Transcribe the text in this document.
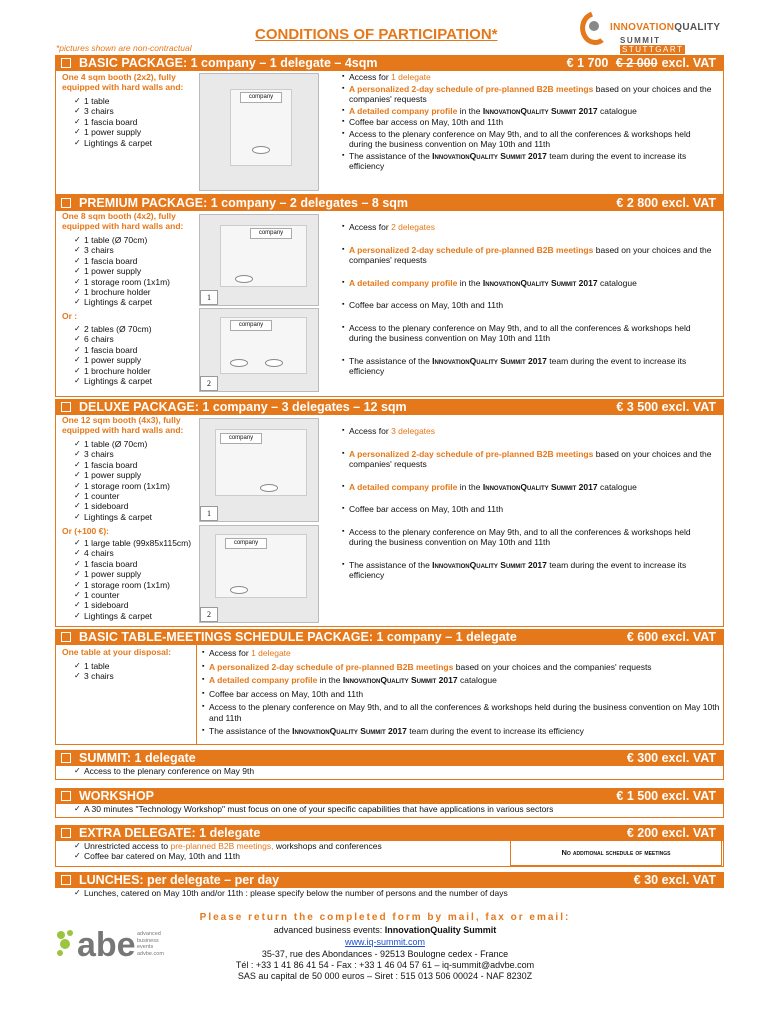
CONDITIONS OF PARTICIPATION*
*pictures shown are non-contractual
INNOVATIONQUALITY
SUMMIT STUTTGART
BASIC PACKAGE: 1 company – 1 delegate – 4sqm	€ 1 700 € 2 000 excl. VAT
One 4 sqm booth (2x2), fully equipped with hard walls and:
✓ 1 table
✓ 3 chairs
✓ 1 fascia board
✓ 1 power supply
✓ Lightings & carpet
company
▪ Access for 1 delegate
▪ A personalized 2-day schedule of pre-planned B2B meetings based on your choices and the companies' requests
▪ A detailed company profile in the InnovationQuality Summit 2017 catalogue
▪ Coffee bar access on May, 10th and 11th
▪ Access to the plenary conference on May 9th, and to all the conferences & workshops held during the business convention on May 10th and 11th
▪ The assistance of the InnovationQuality Summit 2017 team during the event to increase its efficiency
PREMIUM PACKAGE: 1 company – 2 delegates – 8 sqm	€ 2 800 excl. VAT
One 8 sqm booth (4x2), fully equipped with hard walls and:
✓ 1 table (Ø 70cm)
✓ 3 chairs
✓ 1 fascia board
✓ 1 power supply
✓ 1 storage room (1x1m)
✓ 1 brochure holder
✓ Lightings & carpet
Or :
✓ 2 tables (Ø 70cm)
✓ 6 chairs
✓ 1 fascia board
✓ 1 power supply
✓ 1 brochure holder
✓ Lightings & carpet
company
1
company
2
▪ Access for 2 delegates
▪ A personalized 2-day schedule of pre-planned B2B meetings based on your choices and the companies' requests
▪ A detailed company profile in the InnovationQuality Summit 2017 catalogue
▪ Coffee bar access on May, 10th and 11th
▪ Access to the plenary conference on May 9th, and to all the conferences & workshops held during the business convention on May 10th and 11th
▪ The assistance of the InnovationQuality Summit 2017 team during the event to increase its efficiency
DELUXE PACKAGE: 1 company – 3 delegates – 12 sqm	€ 3 500 excl. VAT
One 12 sqm booth (4x3), fully equipped with hard walls and:
✓ 1 table (Ø 70cm)
✓ 3 chairs
✓ 1 fascia board
✓ 1 power supply
✓ 1 storage room (1x1m)
✓ 1 counter
✓ 1 sideboard
✓ Lightings & carpet
Or (+100 €):
✓ 1 large table (99x85x115cm)
✓ 4 chairs
✓ 1 fascia board
✓ 1 power supply
✓ 1 storage room (1x1m)
✓ 1 counter
✓ 1 sideboard
✓ Lightings & carpet
company
1
company
2
▪ Access for 3 delegates
▪ A personalized 2-day schedule of pre-planned B2B meetings based on your choices and the companies' requests
▪ A detailed company profile in the InnovationQuality Summit 2017 catalogue
▪ Coffee bar access on May, 10th and 11th
▪ Access to the plenary conference on May 9th, and to all the conferences & workshops held during the business convention on May 10th and 11th
▪ The assistance of the InnovationQuality Summit 2017 team during the event to increase its efficiency
BASIC TABLE-MEETINGS SCHEDULE PACKAGE: 1 company – 1 delegate	€ 600 excl. VAT
One table at your disposal:
✓ 1 table
✓ 3 chairs
▪ Access for 1 delegate
▪ A personalized 2-day schedule of pre-planned B2B meetings based on your choices and the companies' requests
▪ A detailed company profile in the InnovationQuality Summit 2017 catalogue
▪ Coffee bar access on May, 10th and 11th
▪ Access to the plenary conference on May 9th, and to all the conferences & workshops held during the business convention on May 10th and 11th
▪ The assistance of the InnovationQuality Summit 2017 team during the event to increase its efficiency
SUMMIT: 1 delegate	€ 300 excl. VAT
✓ Access to the plenary conference on May 9th
WORKSHOP	€ 1 500 excl. VAT
✓ A 30 minutes "Technology Workshop" must focus on one of your specific capabilities that have applications in various sectors
EXTRA DELEGATE: 1 delegate	€ 200 excl. VAT
✓ Unrestricted access to pre-planned B2B meetings, workshops and conferences
✓ Coffee bar catered on May, 10th and 11th	No additional schedule of meetings
LUNCHES: per delegate – per day	€ 30 excl. VAT
✓ Lunches, catered on May 10th and/or 11th : please specify below the number of persons and the number of days
Please return the completed form by mail, fax or email:
advanced business events: InnovationQuality Summit
www.iq-summit.com
35-37, rue des Abondances - 92513 Boulogne cedex - France
Tél : +33 1 41 86 41 54 - Fax : +33 1 46 04 57 61 – iq-summit@advbe.com
SAS au capital de 50 000 euros – Siret : 515 013 506 00024 - NAF 8230Z
abe advanced
business
events
advbe.com
